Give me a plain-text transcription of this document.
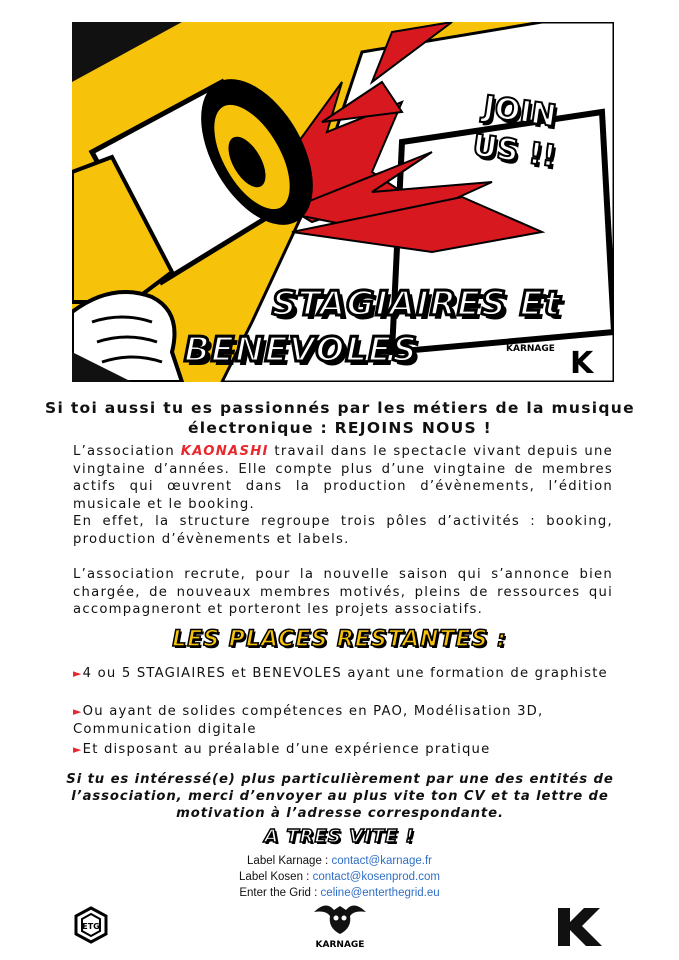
JOIN
US !!
STAGIAIRES Et
BENEVOLES	KARNAGE K
Si toi aussi tu es passionnés par les métiers de la musique électronique : REJOINS NOUS !
L’association KAONASHI travail dans le spectacle vivant depuis une vingtaine d’années. Elle compte plus d’une vingtaine de membres actifs qui œuvrent dans la production d’évènements, l’édition musicale et le booking.
En effet, la structure regroupe trois pôles d’activités : booking, production d’évènements et labels.
L’association recrute, pour la nouvelle saison qui s’annonce bien chargée, de nouveaux membres motivés, pleins de ressources qui accompagneront et porteront les projets associatifs.
LES PLACES RESTANTES :
►4 ou 5 STAGIAIRES et BENEVOLES ayant une formation de graphiste
►Ou ayant de solides compétences en PAO, Modélisation 3D, Communication digitale
►Et disposant au préalable d’une expérience pratique
Si tu es intéressé(e) plus particulièrement par une des entités de l’association, merci d’envoyer au plus vite ton CV et ta lettre de motivation à l’adresse correspondante.
A TRES VITE !
Label Karnage : contact@karnage.fr
Label Kosen : contact@kosenprod.com
Enter the Grid : celine@enterthegrid.eu
ETG
KARNAGE
